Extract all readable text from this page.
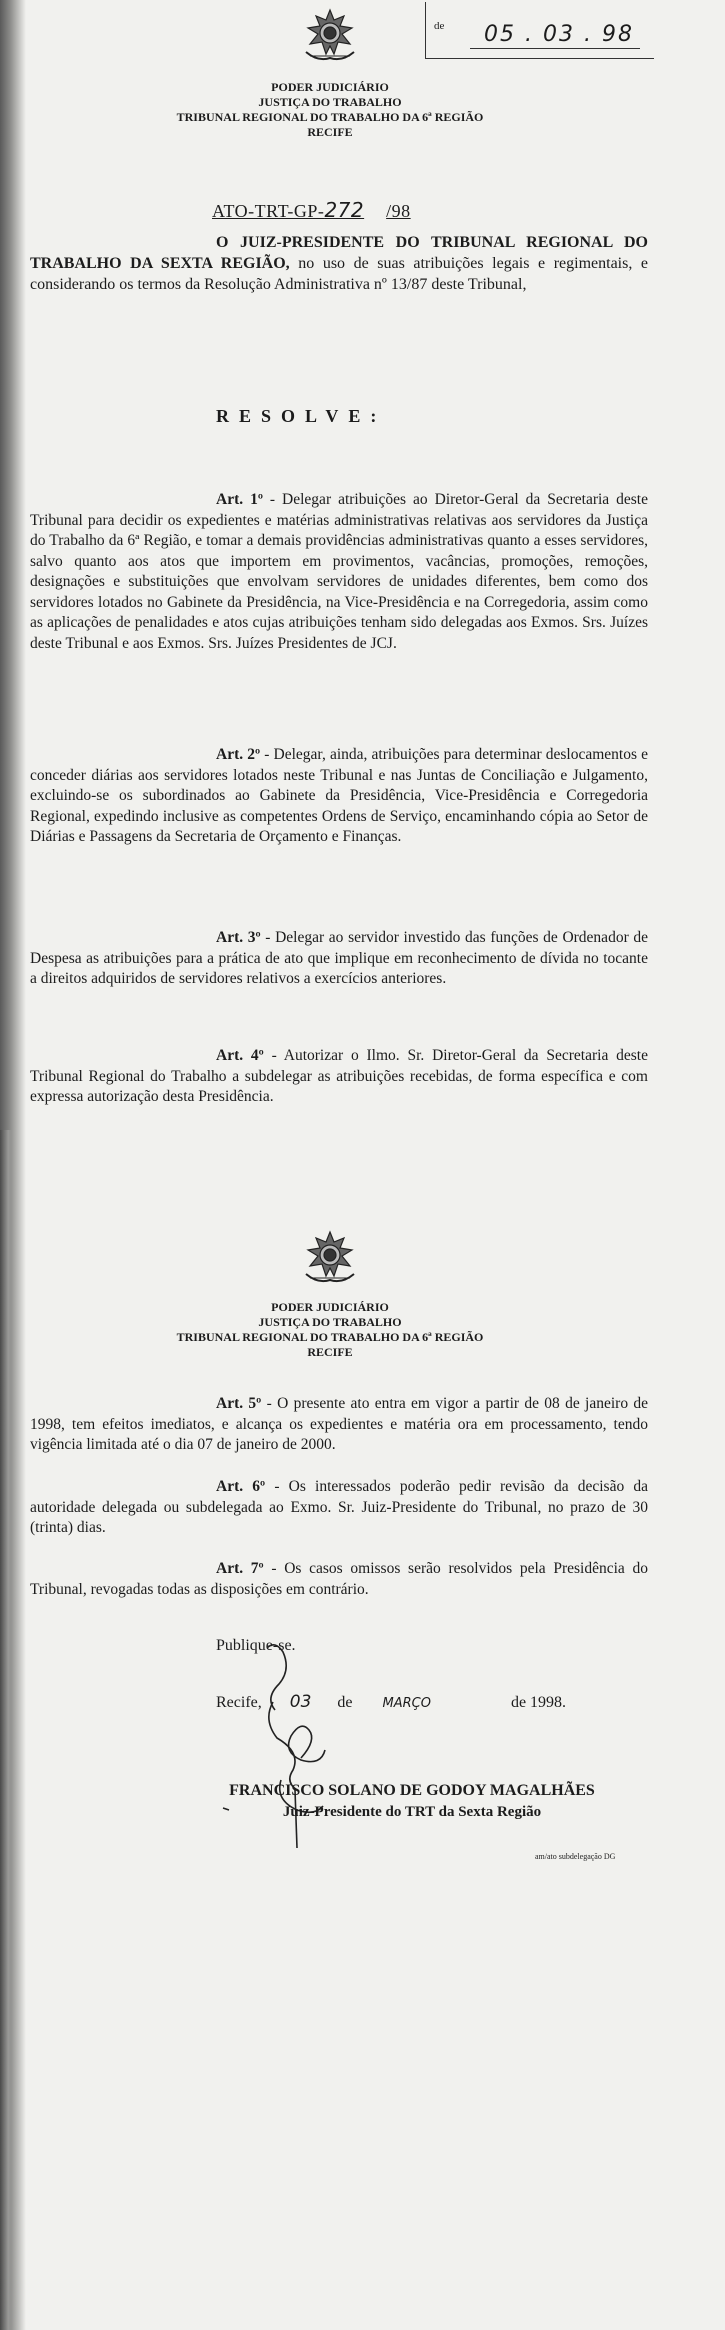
de 05 . 03 . 98
PODER JUDICIÁRIO
JUSTIÇA DO TRABALHO
TRIBUNAL REGIONAL DO TRABALHO DA 6ª REGIÃO
RECIFE
ATO-TRT-GP-272 /98
O JUIZ-PRESIDENTE DO TRIBUNAL REGIONAL DO TRABALHO DA SEXTA REGIÃO, no uso de suas atribuições legais e regimentais, e considerando os termos da Resolução Administrativa nº 13/87 deste Tribunal,
RESOLVE:
Art. 1º - Delegar atribuições ao Diretor-Geral da Secretaria deste Tribunal para decidir os expedientes e matérias administrativas relativas aos servidores da Justiça do Trabalho da 6ª Região, e tomar a demais providências administrativas quanto a esses servidores, salvo quanto aos atos que importem em provimentos, vacâncias, promoções, remoções, designações e substituições que envolvam servidores de unidades diferentes, bem como dos servidores lotados no Gabinete da Presidência, na Vice-Presidência e na Corregedoria, assim como as aplicações de penalidades e atos cujas atribuições tenham sido delegadas aos Exmos. Srs. Juízes deste Tribunal e aos Exmos. Srs. Juízes Presidentes de JCJ.
Art. 2º - Delegar, ainda, atribuições para determinar deslocamentos e conceder diárias aos servidores lotados neste Tribunal e nas Juntas de Conciliação e Julgamento, excluindo-se os subordinados ao Gabinete da Presidência, Vice-Presidência e Corregedoria Regional, expedindo inclusive as competentes Ordens de Serviço, encaminhando cópia ao Setor de Diárias e Passagens da Secretaria de Orçamento e Finanças.
Art. 3º - Delegar ao servidor investido das funções de Ordenador de Despesa as atribuições para a prática de ato que implique em reconhecimento de dívida no tocante a direitos adquiridos de servidores relativos a exercícios anteriores.
Art. 4º - Autorizar o Ilmo. Sr. Diretor-Geral da Secretaria deste Tribunal Regional do Trabalho a subdelegar as atribuições recebidas, de forma específica e com expressa autorização desta Presidência.
PODER JUDICIÁRIO
JUSTIÇA DO TRABALHO
TRIBUNAL REGIONAL DO TRABALHO DA 6ª REGIÃO
RECIFE
Art. 5º - O presente ato entra em vigor a partir de 08 de janeiro de 1998, tem efeitos imediatos, e alcança os expedientes e matéria ora em processamento, tendo vigência limitada até o dia 07 de janeiro de 2000.
Art. 6º - Os interessados poderão pedir revisão da decisão da autoridade delegada ou subdelegada ao Exmo. Sr. Juiz-Presidente do Tribunal, no prazo de 30 (trinta) dias.
Art. 7º - Os casos omissos serão resolvidos pela Presidência do Tribunal, revogadas todas as disposições em contrário.
Publique-se.
Recife, 03 de MARÇO	de 1998.
FRANCISCO SOLANO DE GODOY MAGALHÃES
Juiz-Presidente do TRT da Sexta Região
am/ato subdelegação DG
